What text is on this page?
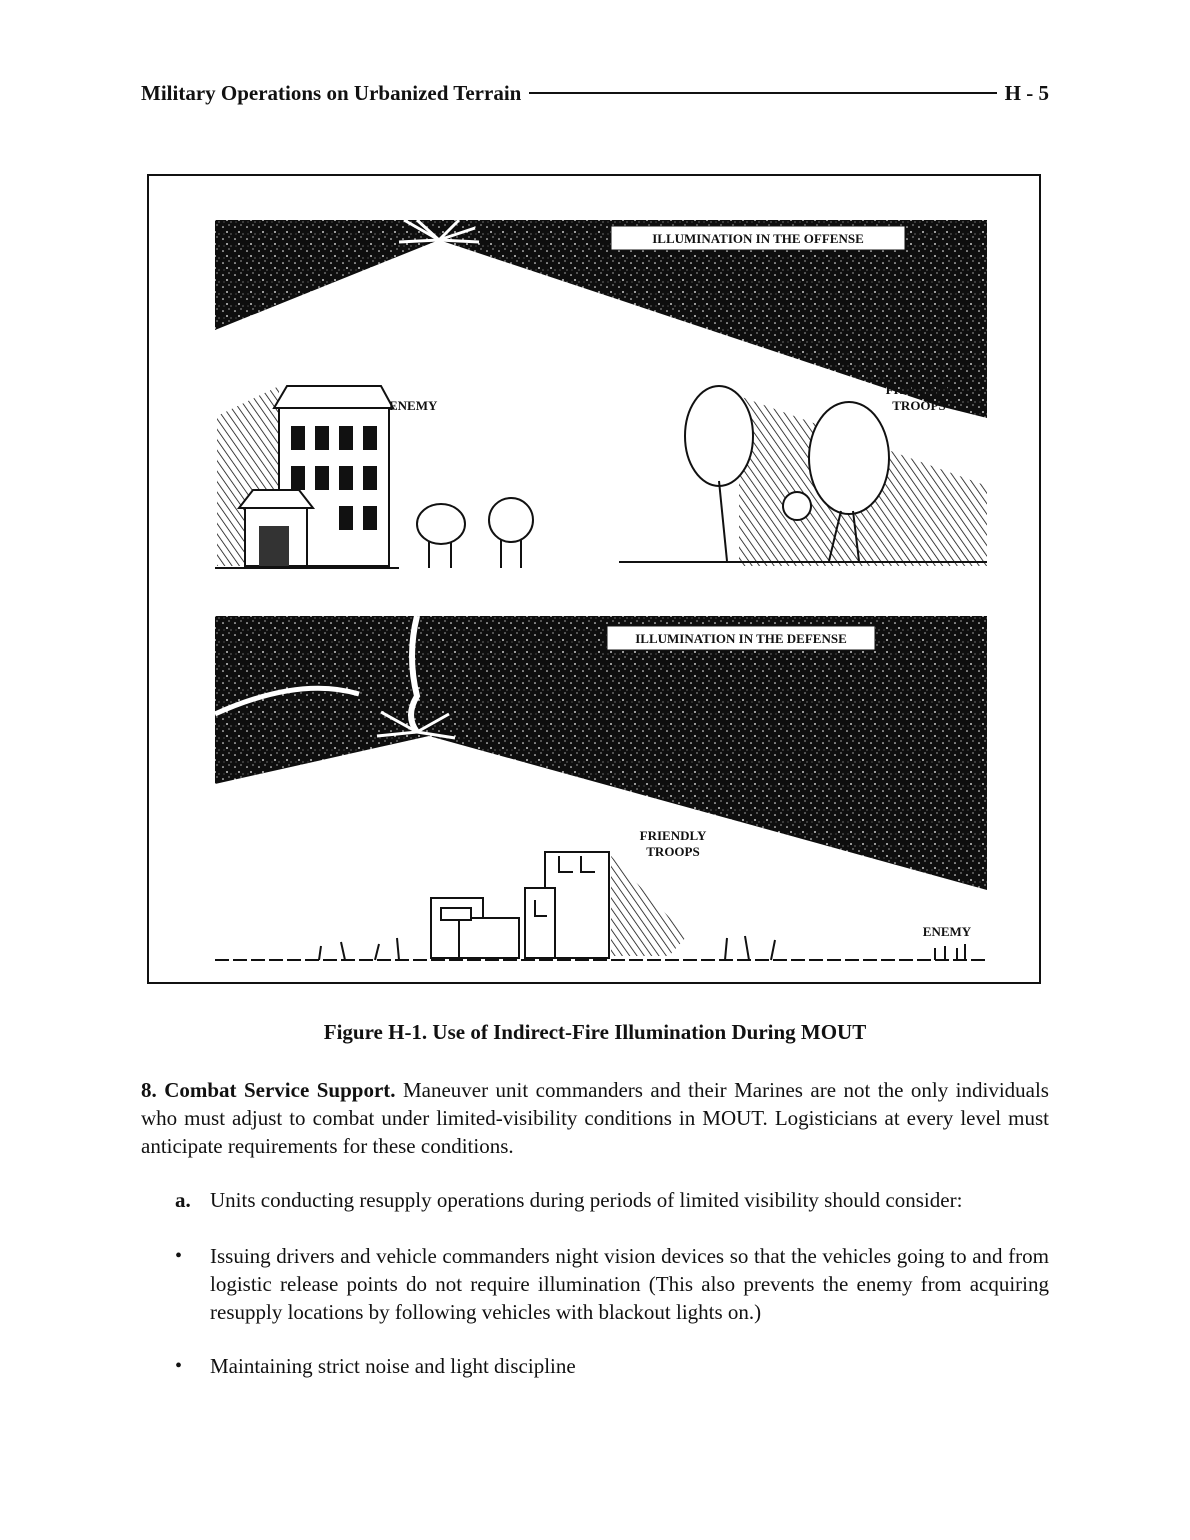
Military Operations on Urbanized Terrain	H - 5
ILLUMINATION IN THE OFFENSE
ENEMY
FRIENDLY
TROOPS
ILLUMINATION IN THE DEFENSE
FRIENDLY
TROOPS
ENEMY
Figure H-1. Use of Indirect-Fire Illumination During MOUT
8. Combat Service Support. Maneuver unit commanders and their Marines are not the only individuals who must adjust to combat under limited-visibility conditions in MOUT. Logisticians at every level must anticipate requirements for these conditions.
a. Units conducting resupply operations during periods of limited visibility should consider:
•	Issuing drivers and vehicle commanders night vision devices so that the vehicles going to and from logistic release points do not require illumination (This also prevents the enemy from acquiring resupply locations by following vehicles with blackout lights on.)
•	Maintaining strict noise and light discipline
